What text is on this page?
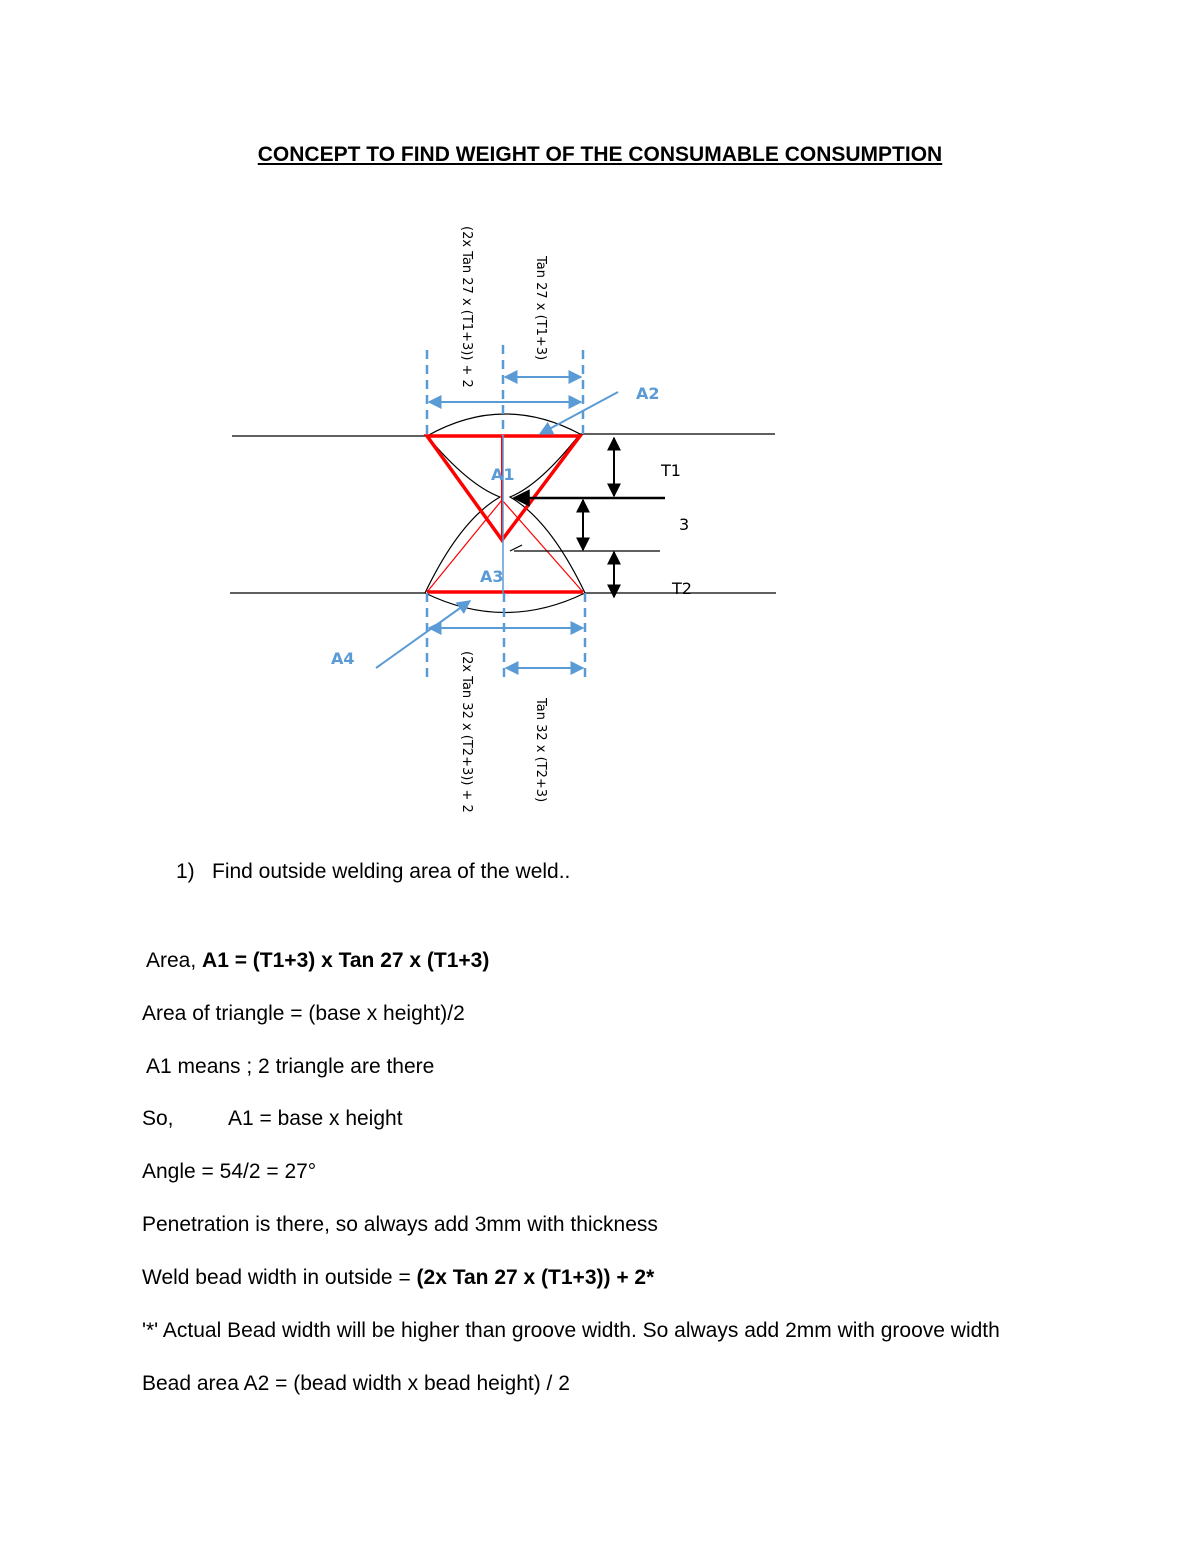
CONCEPT TO FIND WEIGHT OF THE CONSUMABLE CONSUMPTION
(2x Tan 27 x (T1+3)) + 2	Tan 27 x (T1+3)
(2x Tan 32 x (T2+3)) + 2	Tan 32 x (T2+3)
A1
A2
A3
A4
T1
3
T2
1) Find outside welding area of the weld..
Area, A1 = (T1+3) x Tan 27 x (T1+3)
Area of triangle = (base x height)/2
A1 means ; 2 triangle are there
So,	A1 = base x height
Angle = 54/2 = 27°
Penetration is there, so always add 3mm with thickness
Weld bead width in outside = (2x Tan 27 x (T1+3)) + 2*
'*' Actual Bead width will be higher than groove width. So always add 2mm with groove width
Bead area A2 = (bead width x bead height) / 2
